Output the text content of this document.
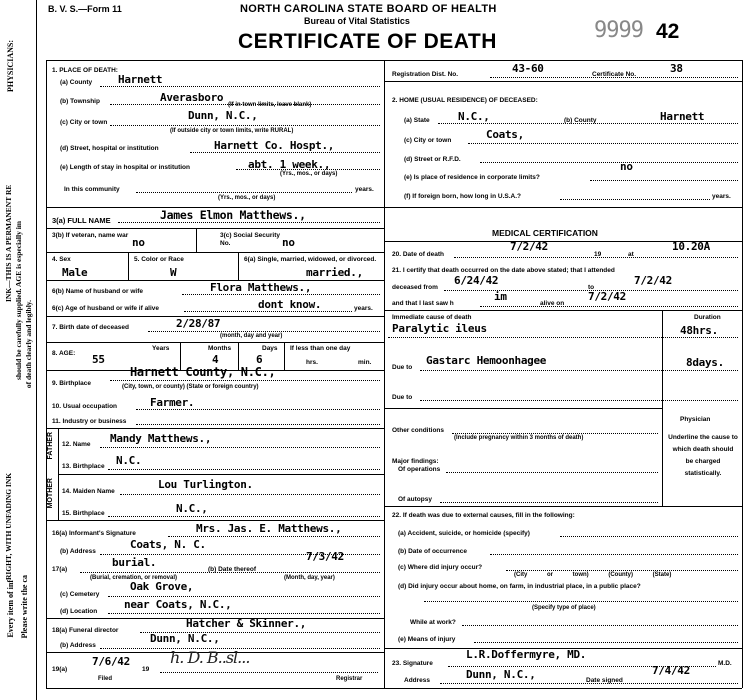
PHYSICIANS:
INK—THIS IS A PERMANENT RE should be carefully supplied. AGE is especially im of death clearly and legibly.
RIGHT, WITH UNFADING INK
Every item of inf Please write the ca
B. V. S.—Form 11	NORTH CAROLINA STATE BOARD OF HEALTH
Bureau of Vital Statistics
CERTIFICATE OF DEATH	9999 42
1. PLACE OF DEATH:
(a) County Harnett
(b) Township	Averasboro
(If in town limits, leave blank)
(c) City or town
Dunn, N.C.,
(If outside city or town limits, write RURAL)
(d) Street, hospital or institution	Harnett Co. Hospt.,
(e) Length of stay in hospital or institution	abt. 1 week.,
(Yrs., mos., or days)
In this community
(Yrs., mos., or days)
years.
Registration Dist. No.	43-60	Certificate No.	38
2. HOME (USUAL RESIDENCE) OF DECEASED:
(a) State	N.C.,	(b) County	Harnett
(c) City or town	Coats,
(d) Street or R.F.D.
(e) Is place of residence in corporate limits?
no
(f) If foreign born, how long in U.S.A.?	years.
3(a) FULL NAME	James Elmon Matthews.,
3(b) If veteran, name war
no
3(c) Social Security No.	no
4. Sex
Male
5. Color or Race
W
6(a) Single, married, widowed, or divorced.
married.,
6(b) Name of husband or wife	Flora Matthews.,
6(c) Age of husband or wife if alive	dont know.	years.
7. Birth date of deceased	2/28/87
(month, day and year)
8. AGE:
Years
55
Months
4
Days
6
If less than one day
hrs.	min.
9. Birthplace
Harnett County, N.C.,
(City, town, or county) (State or foreign country)
10. Usual occupation	Farmer.
11. Industry or business
FATHER
MOTHER
12. Name Mandy Matthews.,
13. Birthplace N.C.
14. Maiden Name
Lou Turlington.
15. Birthplace	N.C.,
16(a) Informant's Signature	Mrs. Jas. E. Matthews.,
(b) Address
Coats, N. C.
17(a)
burial.
(b) Date thereof
7/3/42
(Burial, cremation, or removal)	(Month, day, year)
(c) Cemetery
Oak Grove,
(d) Location
near Coats, N.C.,
18(a) Funeral director
Hatcher & Skinner.,
(b) Address
Dunn, N.C.,
19(a)
7/6/42
19
Filed
h. D. B..sl...
Registrar
MEDICAL CERTIFICATION
20. Date of death
7/2/42
19	at
10.20A
21. I certify that death occurred on the date above stated; that I attended
deceased from
6/24/42
to
7/2/42
and that I last saw h
im
alive on
7/2/42
Immediate cause of death	Duration
Paralytic ileus	48hrs.
Due to
Gastarc Hemoonhagee	8days.
Due to
Other conditions
(Include pregnancy within 3 months of death)
Major findings:
Of operations
Of autopsy
Physician
Underline the cause to which death should be charged statistically.
22. If death was due to external causes, fill in the following:
(a) Accident, suicide, or homicide (specify)
(b) Date of occurrence
(c) Where did injury occur?
(City or town) (County) (State)
(d) Did injury occur about home, on farm, in industrial place, in a public place?
(Specify type of place)
While at work?
(e) Means of injury
23. Signature
L.R.Doffermyre, MD.
M.D.
Address	Dunn, N.C.,	Date signed
7/4/42
